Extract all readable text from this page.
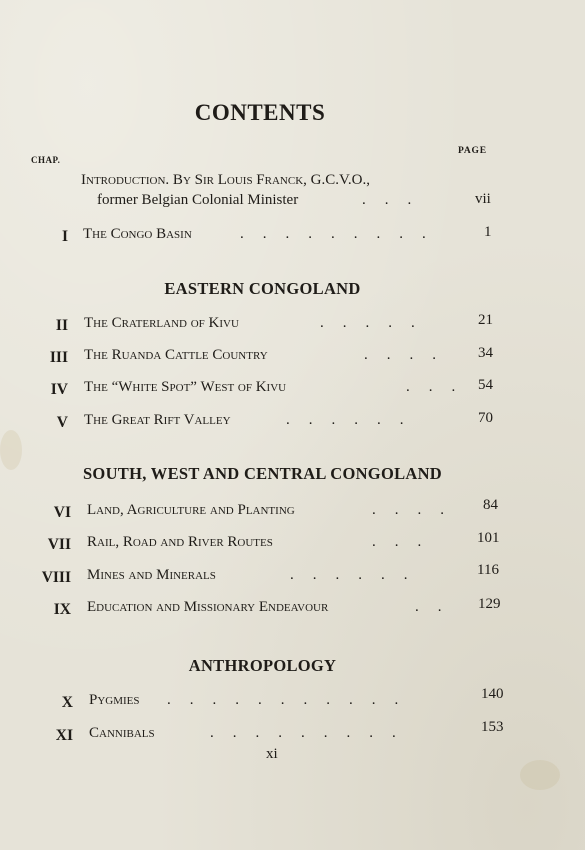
CONTENTS
CHAP.
PAGE
Introduction. By Sir Louis Franck, G.C.V.O.,
former Belgian Colonial Minister	...	vii
I The Congo Basin	.........	1
EASTERN CONGOLAND
II The Craterland of Kivu	.....	21
III The Ruanda Cattle Country	.... 34
IV The “White Spot” West of Kivu	... 54
V The Great Rift Valley	......	70
SOUTH, WEST AND CENTRAL CONGOLAND
VI Land, Agriculture and Planting	.... 84
VII Rail, Road and River Routes	... 101
VIII Mines and Minerals	......	116
IX Education and Missionary Endeavour	.. 129
ANTHROPOLOGY
X Pygmies ...........	140
XI Cannibals	.........	153
xi
